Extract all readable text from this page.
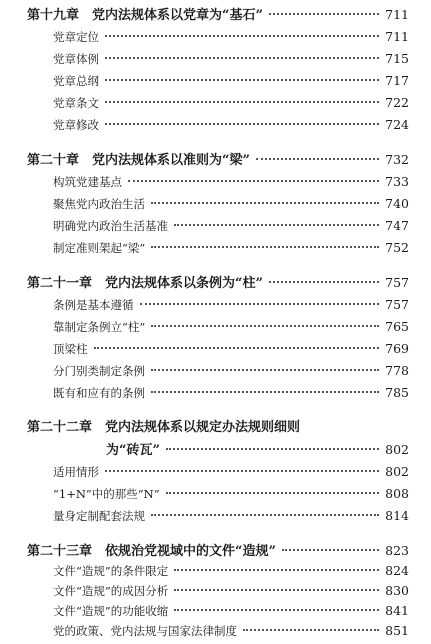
第十九章　党内法规体系以党章为“基石”	711
党章定位	711
党章体例	715
党章总纲	717
党章条文	722
党章修改	724
第二十章　党内法规体系以准则为“梁”	732
构筑党建基点	733
聚焦党内政治生活	740
明确党内政治生活基准	747
制定准则架起“梁”	752
第二十一章　党内法规体系以条例为“柱”	757
条例是基本遵循	757
靠制定条例立“柱”	765
顶梁柱	769
分门别类制定条例	778
既有和应有的条例	785
第二十二章　党内法规体系以规定办法规则细则
为“砖瓦”	802
适用情形	802
“1+N”中的那些“N”	808
量身定制配套法规	814
第二十三章　依规治党视域中的文件“造规”	823
文件“造规”的条件限定	824
文件“造规”的成因分析	830
文件“造规”的功能收缩	841
党的政策、党内法规与国家法律制度	851
